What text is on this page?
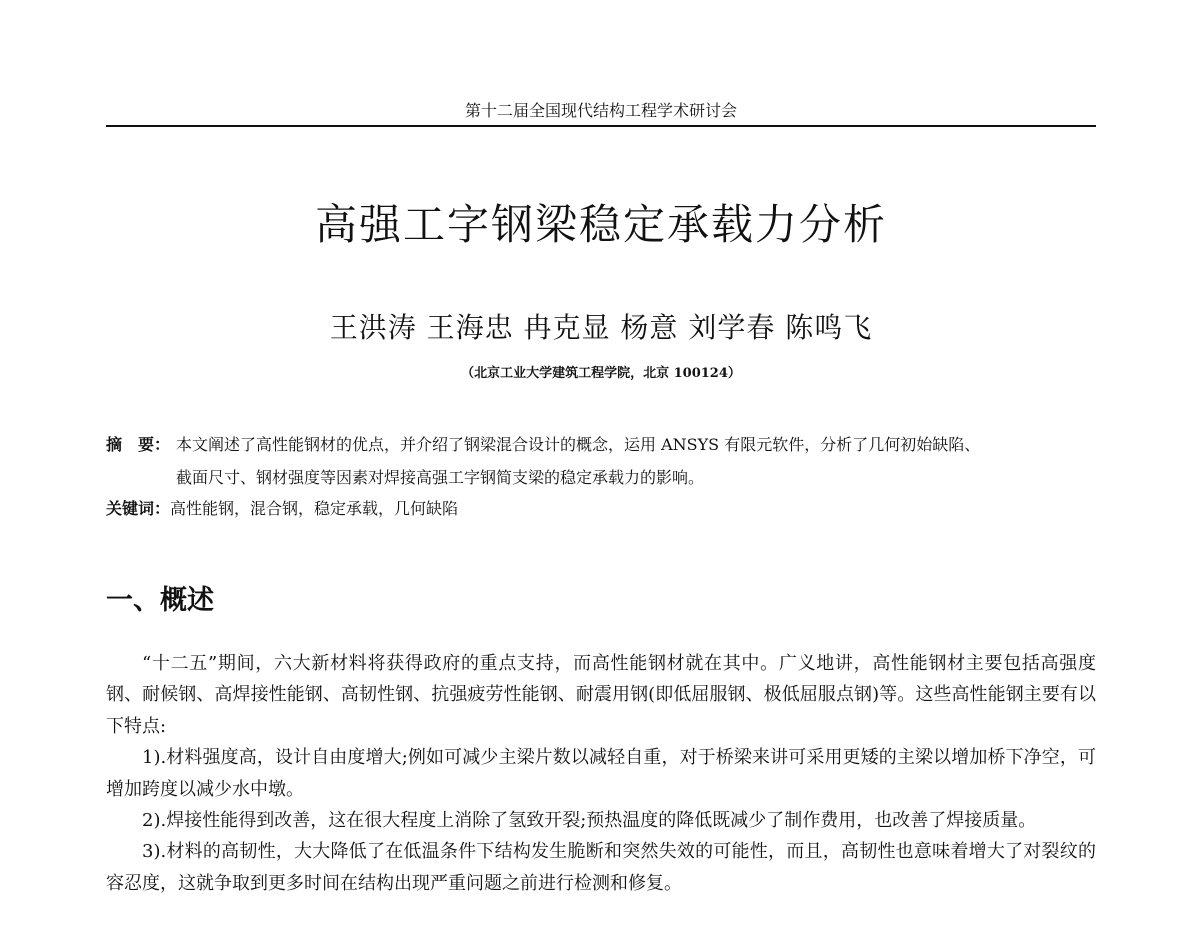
第十二届全国现代结构工程学术研讨会
高强工字钢梁稳定承载力分析
王洪涛 王海忠 冉克显 杨意 刘学春 陈鸣飞
（北京工业大学建筑工程学院，北京 100124）
摘　要： 本文阐述了高性能钢材的优点，并介绍了钢梁混合设计的概念，运用 ANSYS 有限元软件，分析了几何初始缺陷、
截面尺寸、钢材强度等因素对焊接高强工字钢简支梁的稳定承载力的影响。
关键词：高性能钢，混合钢，稳定承载，几何缺陷
一、概述

“十二五”期间，六大新材料将获得政府的重点支持，而高性能钢材就在其中。广义地讲，高性能钢材主要包括高强度钢、耐候钢、高焊接性能钢、高韧性钢、抗强疲劳性能钢、耐震用钢(即低屈服钢、极低屈服点钢)等。这些高性能钢主要有以下特点:

1).材料强度高，设计自由度增大;例如可减少主梁片数以减轻自重，对于桥梁来讲可采用更矮的主梁以增加桥下净空，可增加跨度以减少水中墩。

2).焊接性能得到改善，这在很大程度上消除了氢致开裂;预热温度的降低既减少了制作费用，也改善了焊接质量。

3).材料的高韧性，大大降低了在低温条件下结构发生脆断和突然失效的可能性，而且，高韧性也意味着增大了对裂纹的容忍度，这就争取到更多时间在结构出现严重问题之前进行检测和修复。
